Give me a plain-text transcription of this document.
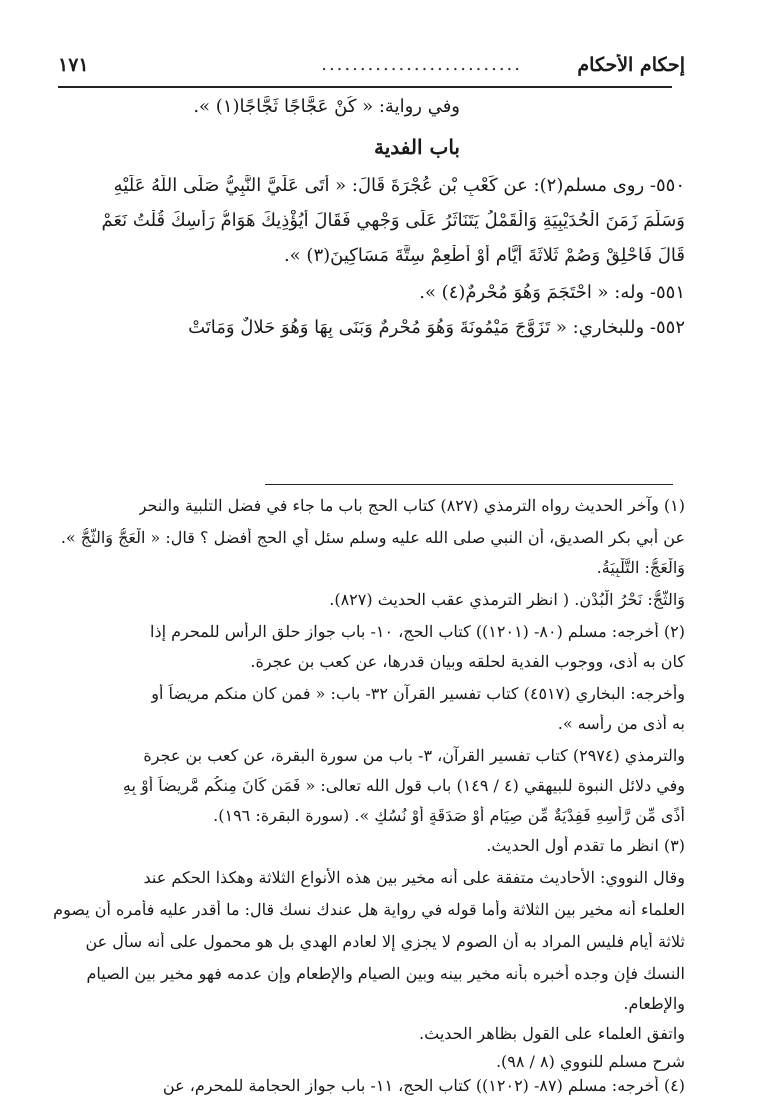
إحكام الأحكام
..........................
١٧١
وفي رواية: « كُنْ عَجَّاجًا ثَجَّاجًا(١) ».
باب الفدية
٥٥٠- روى مسلم(٢): عن كَعْبِ بْنِ عُجْرَةَ قَالَ: « أَتَى عَلَيَّ النَّبِيُّ صَلَّى اللَّهُ عَلَيْهِ
وَسَلَّمَ زَمَنَ الْحُدَيْبِيَةِ وَالْقَمْلُ يَتَنَاثَرُ عَلَى وَجْهِي فَقَالَ أَيُؤْذِيكَ هَوَامُّ رَأْسِكَ قُلْتُ نَعَمْ
قَالَ فَاحْلِقْ وَصُمْ ثَلاثَةَ أَيَّامٍ أَوْ أَطْعِمْ سِتَّةَ مَسَاكِينَ(٣) ».
٥٥١- وله: « احْتَجَمَ وَهُوَ مُحْرِمٌ(٤) ».
٥٥٢- وللبخاري: « تَزَوَّجَ مَيْمُونَةَ وَهُوَ مُحْرِمٌ وَبَنَى بِهَا وَهُوَ حَلالٌ وَمَاتَتْ
(١) وآخر الحديث رواه الترمذي (٨٢٧) كتاب الحج باب ما جاء في فضل التلبية والنحر
عن أبي بكر الصديق، أن النبي صلى الله عليه وسلم سئل أي الحج أفضل ؟ قال: « الْعَجُّ وَالثَّجُّ ».
وَالْعَجُّ: التَّلْبِيَةُ.
وَالثَّجُّ: نَحْرُ الْبُدْنِ. ( انظر الترمذي عقب الحديث (٨٢٧).
(٢) أخرجه: مسلم (٨٠- (١٢٠١)) كتاب الحج، ١٠- باب جواز حلق الرأس للمحرم إذا
كان به أذى، ووجوب الفدية لحلقه وبيان قدرها، عن كعب بن عجرة.
وأخرجه: البخاري (٤٥١٧) كتاب تفسير القرآن ٣٢- باب: « فمن كان منكم مريضاً أو
به أذى من رأسه ».
والترمذي (٢٩٧٤) كتاب تفسير القرآن، ٣- باب من سورة البقرة، عن كعب بن عجرة
وفي دلائل النبوة للبيهقي (٤ / ١٤٩) باب قول الله تعالى: « فَمَن كَانَ مِنكُم مَّرِيضاً أَوْ بِهِ
أَذًى مِّن رَّأْسِهِ فَفِدْيَةٌ مِّن صِيَامٍ أَوْ صَدَقَةٍ أَوْ نُسُكٍ ». (سورة البقرة: ١٩٦).
(٣) انظر ما تقدم أول الحديث.
وقال النووي: الأحاديث متفقة على أنه مخير بين هذه الأنواع الثلاثة وهكذا الحكم عند
العلماء أنه مخير بين الثلاثة وأما قوله في رواية هل عندك نسك قال: ما أقدر عليه فأمره أن يصوم
ثلاثة أيام فليس المراد به أن الصوم لا يجزي إلا لعادم الهدي بل هو محمول على أنه سأل عن
النسك فإن وجده أخبره بأنه مخير بينه وبين الصيام والإطعام وإن عدمه فهو مخير بين الصيام
والإطعام.
واتفق العلماء على القول بظاهر الحديث.
شرح مسلم للنووي (٨ / ٩٨).
(٤) أخرجه: مسلم (٨٧- (١٢٠٢)) كتاب الحج، ١١- باب جواز الحجامة للمحرم، عن
